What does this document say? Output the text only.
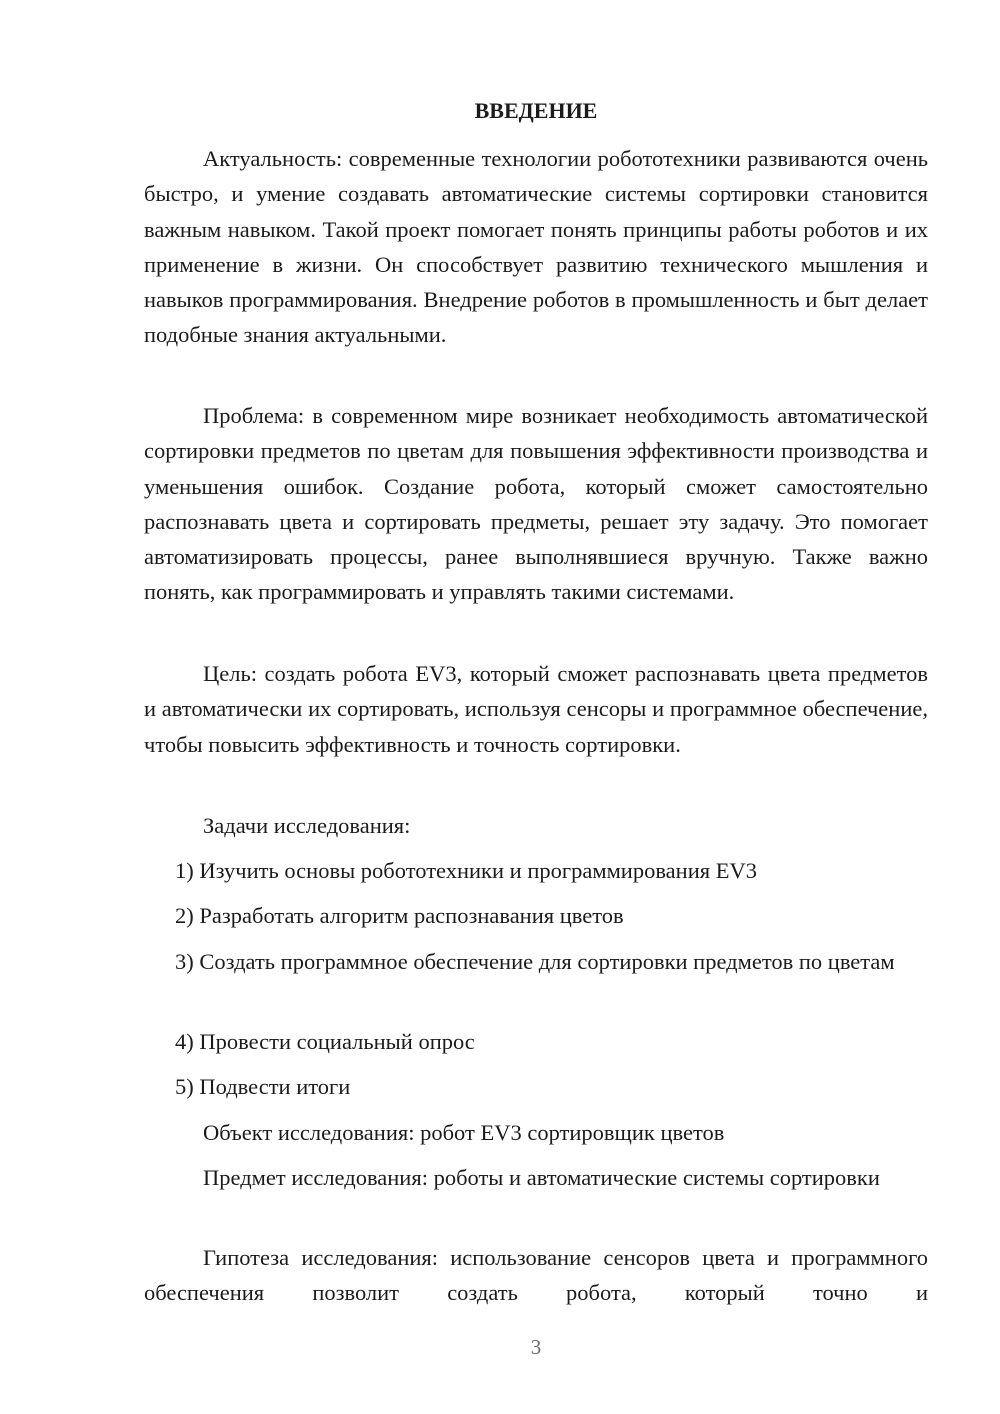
ВВЕДЕНИЕ

Актуальность: современные технологии робототехники развиваются очень быстро, и умение создавать автоматические системы сортировки становится важным навыком. Такой проект помогает понять принципы работы роботов и их применение в жизни. Он способствует развитию технического мышления и навыков программирования. Внедрение роботов в промышленность и быт делает подобные знания актуальными.

Проблема: в современном мире возникает необходимость автоматической сортировки предметов по цветам для повышения эффективности производства и уменьшения ошибок. Создание робота, который сможет самостоятельно распознавать цвета и сортировать предметы, решает эту задачу. Это помогает автоматизировать процессы, ранее выполнявшиеся вручную. Также важно понять, как программировать и управлять такими системами.

Цель: создать робота EV3, который сможет распознавать цвета предметов и автоматически их сортировать, используя сенсоры и программное обеспечение, чтобы повысить эффективность и точность сортировки.

Задачи исследования:

1) Изучить основы робототехники и программирования EV3

2) Разработать алгоритм распознавания цветов

3) Создать программное обеспечение для сортировки предметов по цветам

4) Провести социальный опрос

5) Подвести итоги

Объект исследования: робот EV3 сортировщик цветов

Предмет исследования: роботы и автоматические системы сортировки

Гипотеза исследования: использование сенсоров цвета и программного обеспечения позволит создать робота, который точно и

3
